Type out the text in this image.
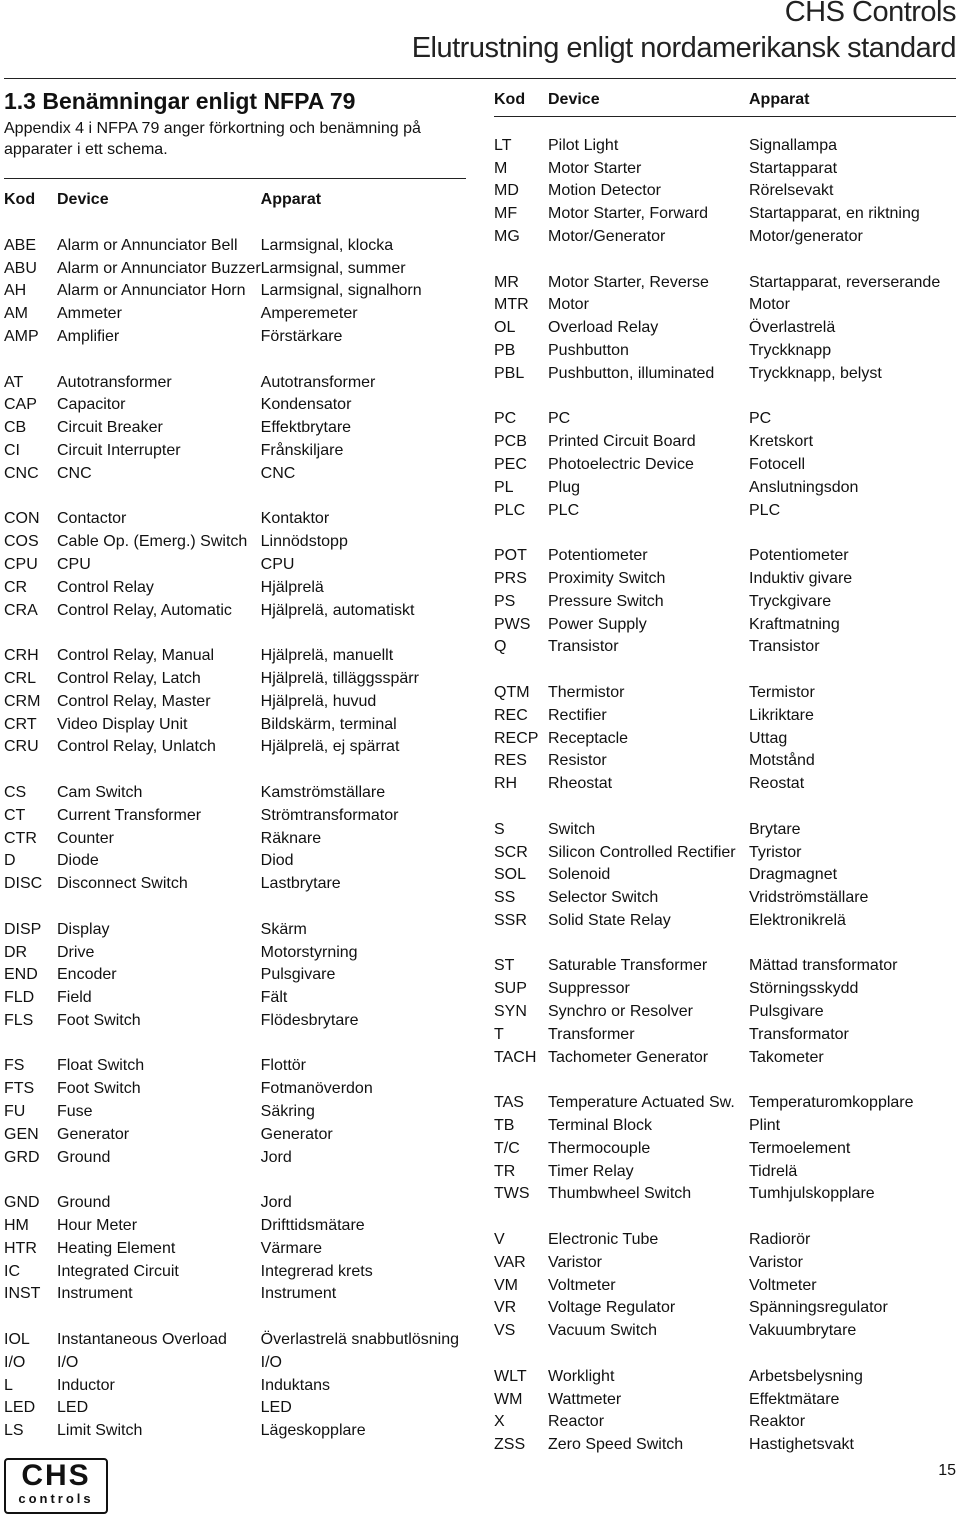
CHS Controls
Elutrustning enligt nordamerikansk standard
1.3 Benämningar enligt NFPA 79
Appendix 4 i NFPA 79 anger förkortning och benämning på apparater i ett schema.
Kod	Device	Apparat

ABE	Alarm or Annunciator Bell	Larmsignal, klocka
ABU	Alarm or Annunciator Buzzer	Larmsignal, summer
AH	Alarm or Annunciator Horn	Larmsignal, signalhorn
AM	Ammeter	Amperemeter
AMP	Amplifier	Förstärkare

AT	Autotransformer	Autotransformer
CAP	Capacitor	Kondensator
CB	Circuit Breaker	Effektbrytare
CI	Circuit Interrupter	Frånskiljare
CNC	CNC	CNC

CON	Contactor	Kontaktor
COS	Cable Op. (Emerg.) Switch	Linnödstopp
CPU	CPU	CPU
CR	Control Relay	Hjälprelä
CRA	Control Relay, Automatic	Hjälprelä, automatiskt

CRH	Control Relay, Manual	Hjälprelä, manuellt
CRL	Control Relay, Latch	Hjälprelä, tilläggsspärr
CRM	Control Relay, Master	Hjälprelä, huvud
CRT	Video Display Unit	Bildskärm, terminal
CRU	Control Relay, Unlatch	Hjälprelä, ej spärrat

CS	Cam Switch	Kamströmställare
CT	Current Transformer	Strömtransformator
CTR	Counter	Räknare
D	Diode	Diod
DISC	Disconnect Switch	Lastbrytare

DISP	Display	Skärm
DR	Drive	Motorstyrning
END	Encoder	Pulsgivare
FLD	Field	Fält
FLS	Foot Switch	Flödesbrytare

FS	Float Switch	Flottör
FTS	Foot Switch	Fotmanöverdon
FU	Fuse	Säkring
GEN	Generator	Generator
GRD	Ground	Jord

GND	Ground	Jord
HM	Hour Meter	Drifttidsmätare
HTR	Heating Element	Värmare
IC	Integrated Circuit	Integrerad krets
INST	Instrument	Instrument

IOL	Instantaneous Overload	Överlastrelä snabbutlösning
I/O	I/O	I/O
L	Inductor	Induktans
LED	LED	LED
LS	Limit Switch	Lägeskopplare
Kod	Device	Apparat

LT	Pilot Light	Signallampa
M	Motor Starter	Startapparat
MD	Motion Detector	Rörelsevakt
MF	Motor Starter, Forward	Startapparat, en riktning
MG	Motor/Generator	Motor/generator

MR	Motor Starter, Reverse	Startapparat, reverserande
MTR	Motor	Motor
OL	Overload Relay	Överlastrelä
PB	Pushbutton	Tryckknapp
PBL	Pushbutton, illuminated	Tryckknapp, belyst

PC	PC	PC
PCB	Printed Circuit Board	Kretskort
PEC	Photoelectric Device	Fotocell
PL	Plug	Anslutningsdon
PLC	PLC	PLC

POT	Potentiometer	Potentiometer
PRS	Proximity Switch	Induktiv givare
PS	Pressure Switch	Tryckgivare
PWS	Power Supply	Kraftmatning
Q	Transistor	Transistor

QTM	Thermistor	Termistor
REC	Rectifier	Likriktare
RECP	Receptacle	Uttag
RES	Resistor	Motstånd
RH	Rheostat	Reostat

S	Switch	Brytare
SCR	Silicon Controlled Rectifier	Tyristor
SOL	Solenoid	Dragmagnet
SS	Selector Switch	Vridströmställare
SSR	Solid State Relay	Elektronikrelä

ST	Saturable Transformer	Mättad transformator
SUP	Suppressor	Störningsskydd
SYN	Synchro or Resolver	Pulsgivare
T	Transformer	Transformator
TACH	Tachometer Generator	Takometer

TAS	Temperature Actuated Sw.	Temperaturomkopplare
TB	Terminal Block	Plint
T/C	Thermocouple	Termoelement
TR	Timer Relay	Tidrelä
TWS	Thumbwheel Switch	Tumhjulskopplare

V	Electronic Tube	Radiorör
VAR	Varistor	Varistor
VM	Voltmeter	Voltmeter
VR	Voltage Regulator	Spänningsregulator
VS	Vacuum Switch	Vakuumbrytare

WLT	Worklight	Arbetsbelysning
WM	Wattmeter	Effektmätare
X	Reactor	Reaktor
ZSS	Zero Speed Switch	Hastighetsvakt
CHS
controls
15
